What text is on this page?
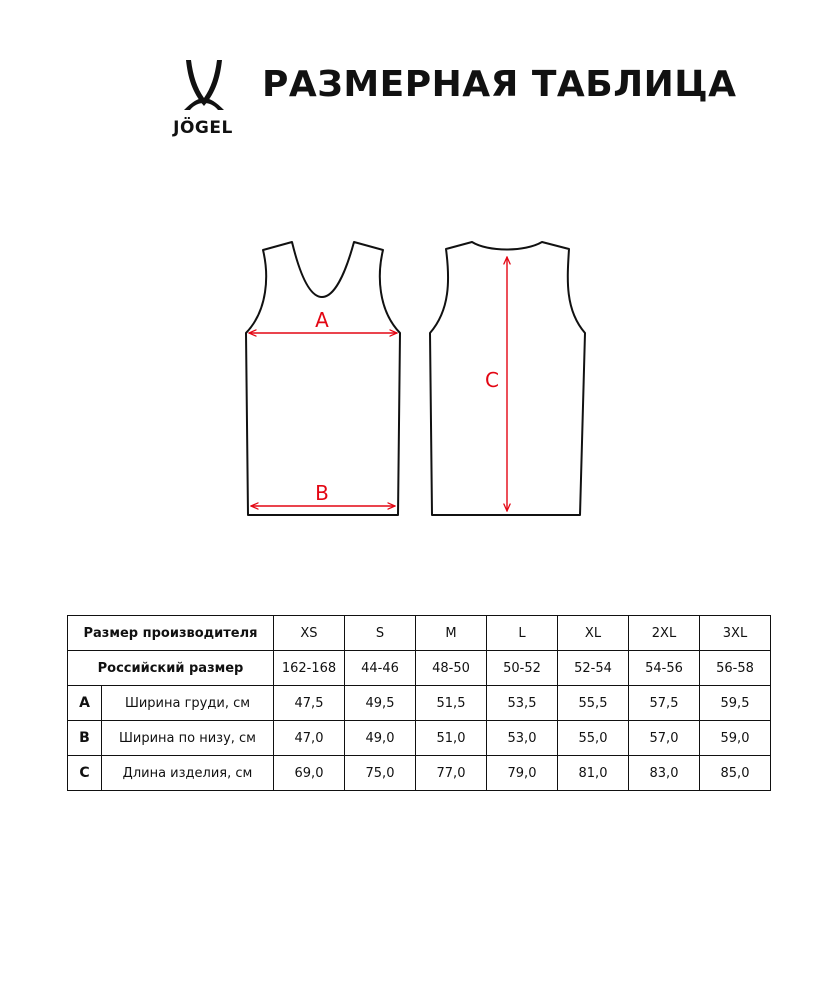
JÖGEL
РАЗМЕРНАЯ ТАБЛИЦА
A
B
C
Размер производителя		XS	S	M	L	XL	2XL	3XL
Российский размер		162-168	44-46	48-50	50-52	52-54	54-56	56-58
A	Ширина груди, см	47,5	49,5	51,5	53,5	55,5	57,5	59,5
B	Ширина по низу, см	47,0	49,0	51,0	53,0	55,0	57,0	59,0
C	Длина изделия, см	69,0	75,0	77,0	79,0	81,0	83,0	85,0
